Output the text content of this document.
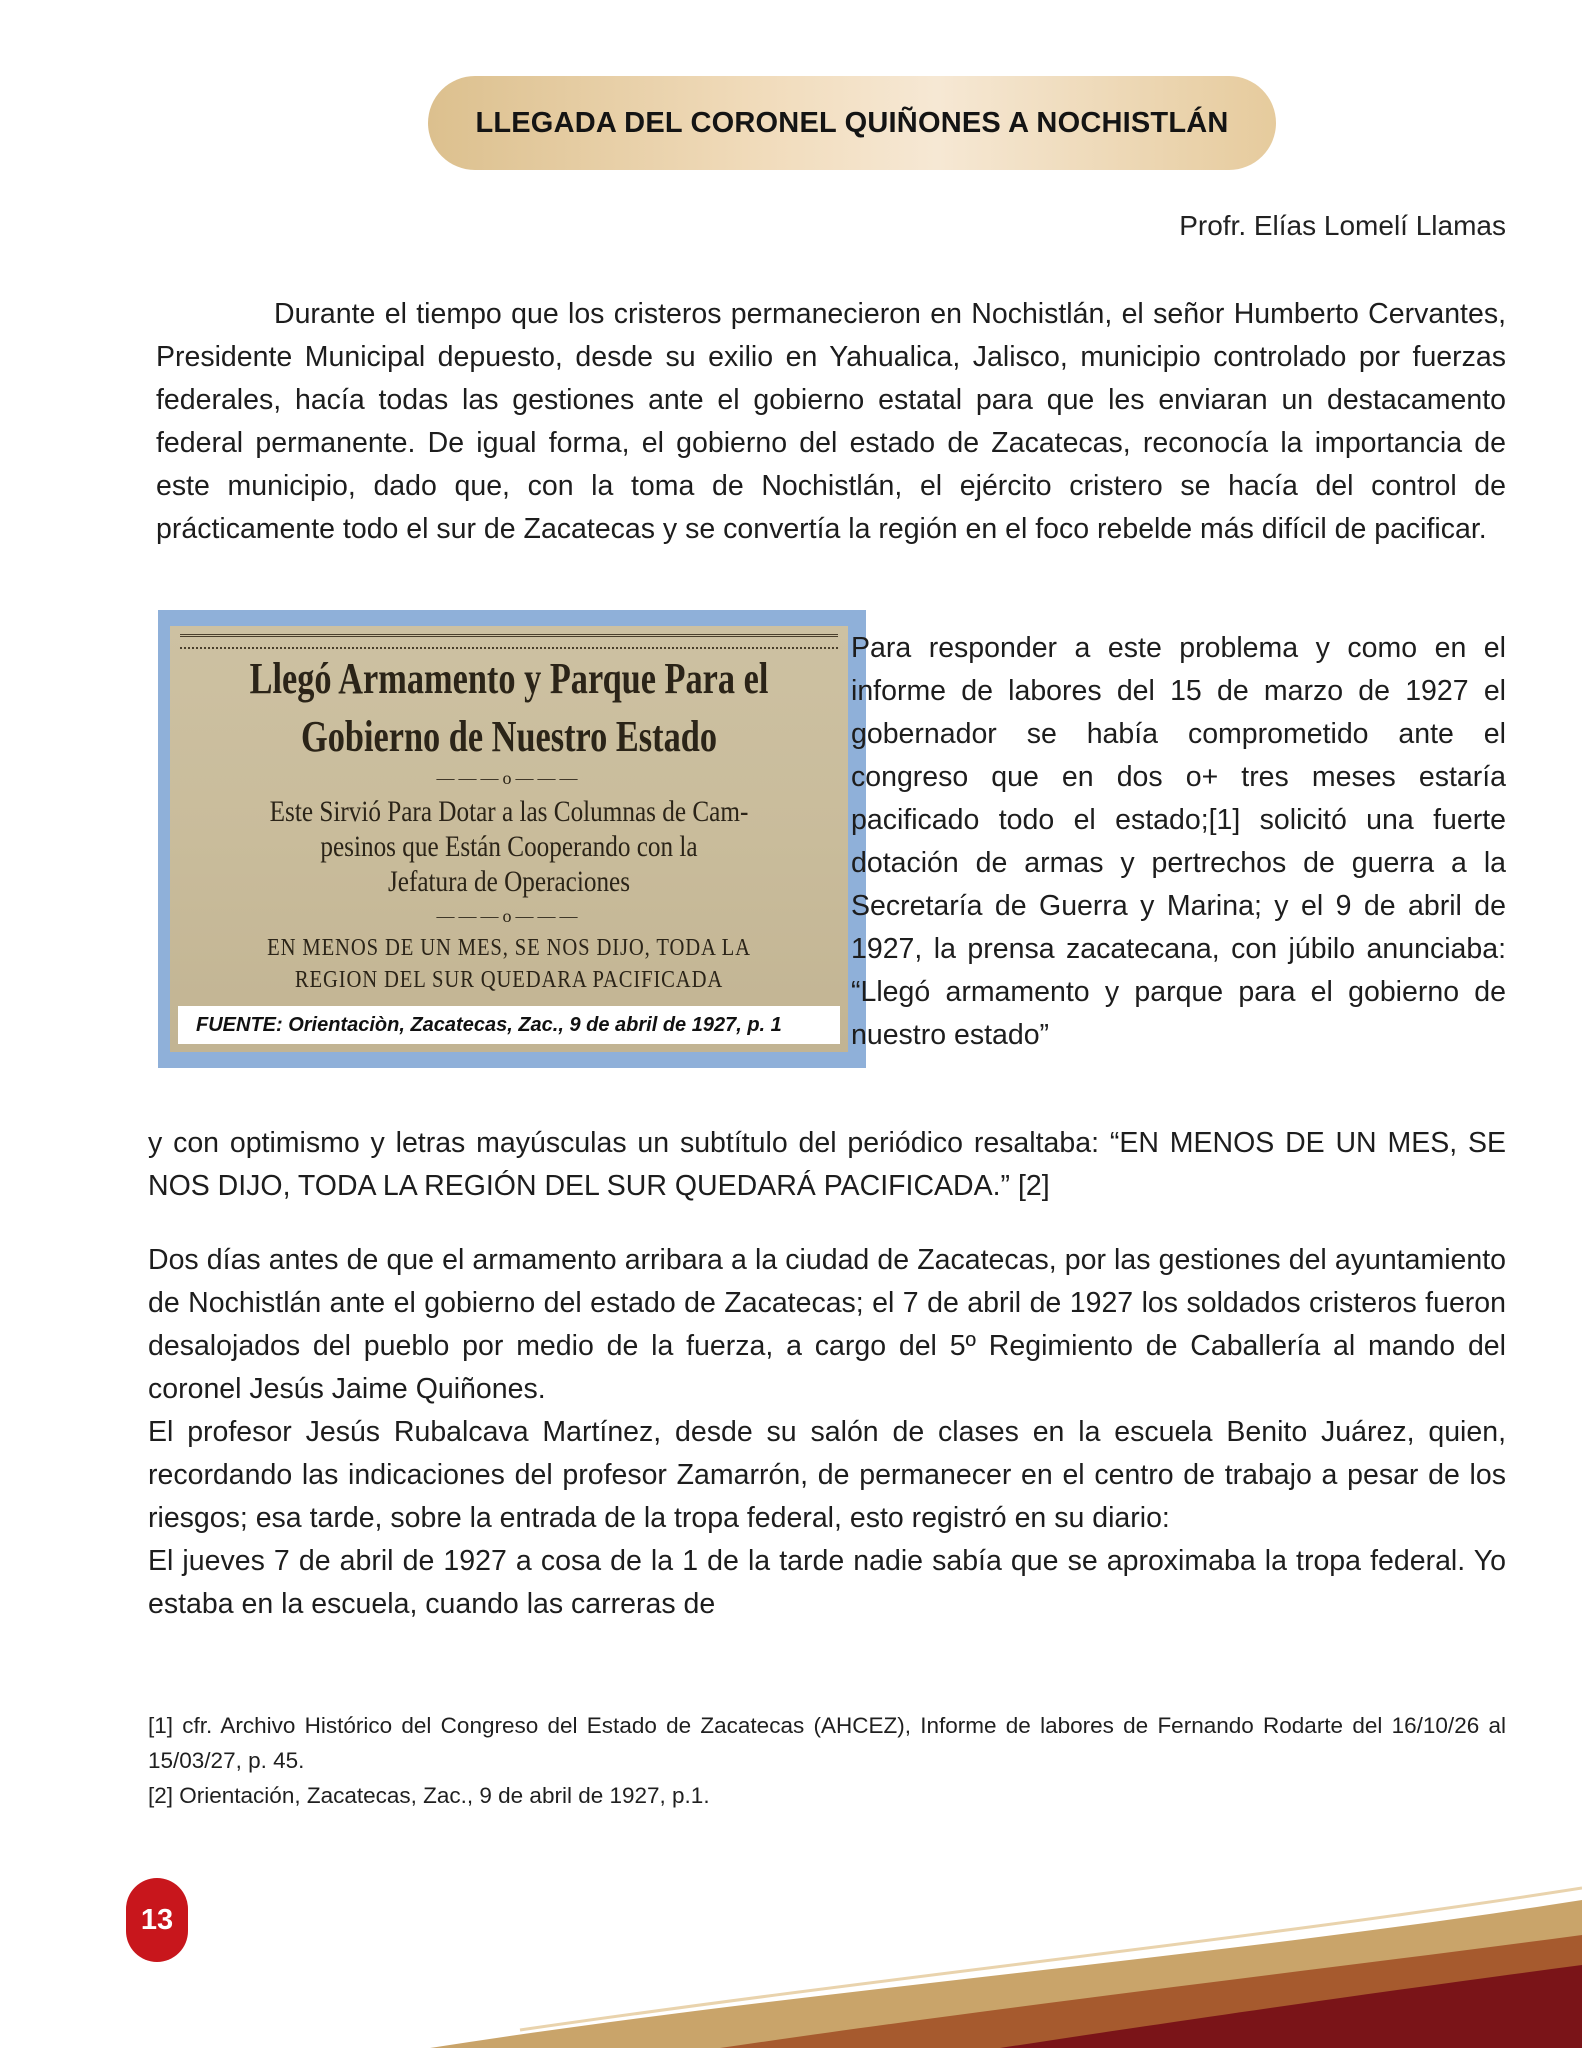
LLEGADA DEL CORONEL QUIÑONES A NOCHISTLÁN
Profr. Elías Lomelí Llamas

Durante el tiempo que los cristeros permanecieron en Nochistlán, el señor Humberto Cervantes, Presidente Municipal depuesto, desde su exilio en Yahualica, Jalisco, municipio controlado por fuerzas federales, hacía todas las gestiones ante el gobierno estatal para que les enviaran un destacamento federal permanente. De igual forma, el gobierno del estado de Zacatecas, reconocía la importancia de este municipio, dado que, con la toma de Nochistlán, el ejército cristero se hacía del control de prácticamente todo el sur de Zacatecas y se convertía la región en el foco rebelde más difícil de pacificar.

Llegó Armamento y Parque Para el
Gobierno de Nuestro Estado
———o———
Este Sirvió Para Dotar a las Columnas de Cam-
pesinos que Están Cooperando con la
Jefatura de Operaciones
———o———
EN MENOS DE UN MES, SE NOS DIJO, TODA LA
REGION DEL SUR QUEDARA PACIFICADA
FUENTE: Orientaciòn, Zacatecas, Zac., 9 de abril de 1927, p. 1

Para responder a este problema y como en el informe de labores del 15 de marzo de 1927 el gobernador se había comprometido ante el congreso que en dos o+ tres meses estaría pacificado todo el estado;[1] solicitó una fuerte dotación de armas y pertrechos de guerra a la Secretaría de Guerra y Marina; y el 9 de abril de 1927, la prensa zacatecana, con júbilo anunciaba: “Llegó armamento y parque para el gobierno de nuestro estado”

y con optimismo y letras mayúsculas un subtítulo del periódico resaltaba: “EN MENOS DE UN MES, SE NOS DIJO, TODA LA REGIÓN DEL SUR QUEDARÁ PACIFICADA.” [2]

Dos días antes de que el armamento arribara a la ciudad de Zacatecas, por las gestiones del ayuntamiento de Nochistlán ante el gobierno del estado de Zacatecas; el 7 de abril de 1927 los soldados cristeros fueron desalojados del pueblo por medio de la fuerza, a cargo del 5º Regimiento de Caballería al mando del coronel Jesús Jaime Quiñones.
El profesor Jesús Rubalcava Martínez, desde su salón de clases en la escuela Benito Juárez, quien, recordando las indicaciones del profesor Zamarrón, de permanecer en el centro de trabajo a pesar de los riesgos; esa tarde, sobre la entrada de la tropa federal, esto registró en su diario:
El jueves 7 de abril de 1927 a cosa de la 1 de la tarde nadie sabía que se aproximaba la tropa federal. Yo estaba en la escuela, cuando las carreras de
[1] cfr. Archivo Histórico del Congreso del Estado de Zacatecas (AHCEZ), Informe de labores de Fernando Rodarte del 16/10/26 al 15/03/27, p. 45.
[2] Orientación, Zacatecas, Zac., 9 de abril de 1927, p.1.
13
